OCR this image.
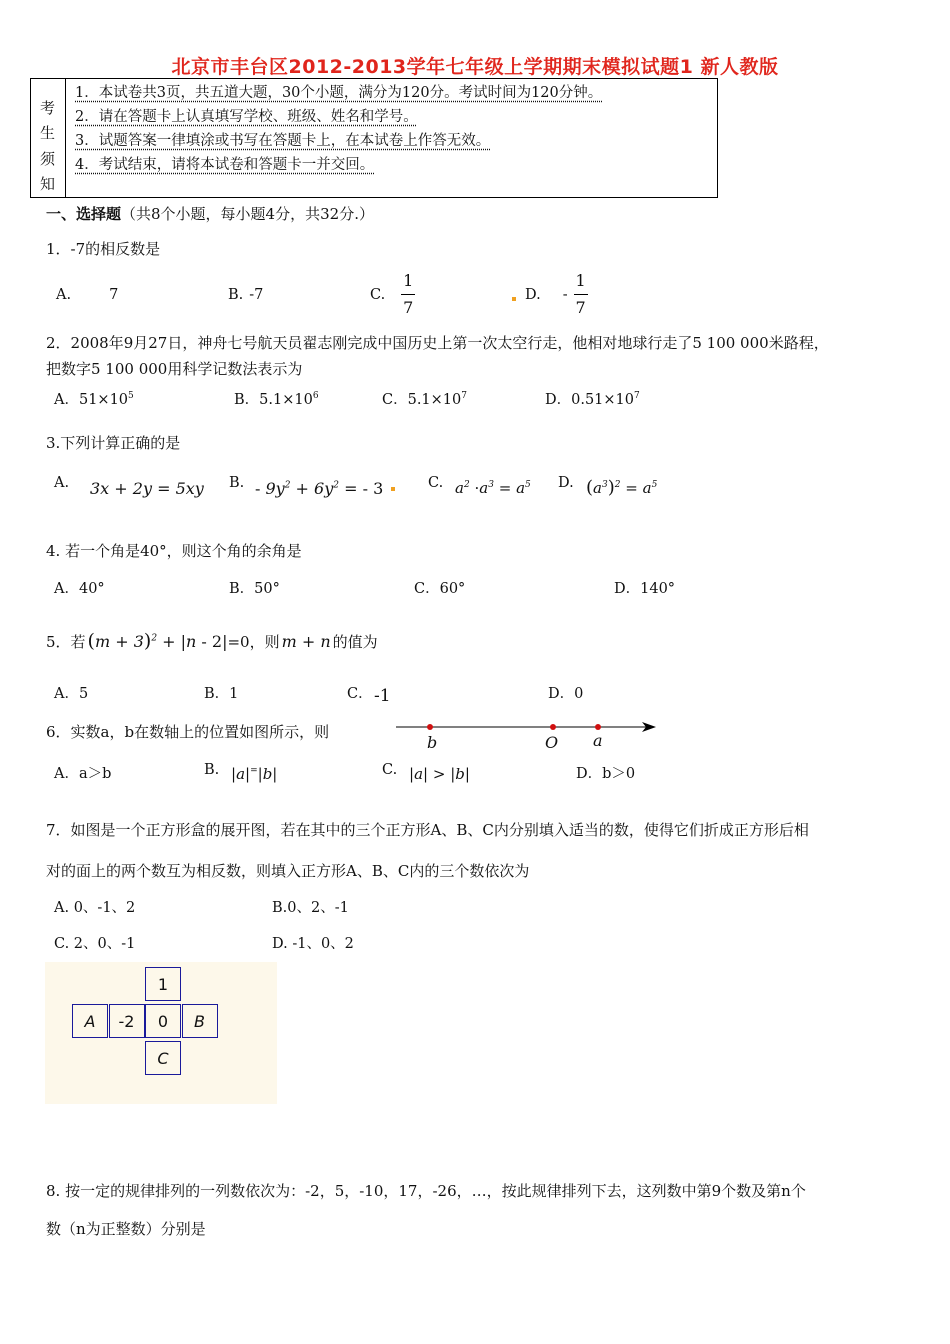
北京市丰台区2012-2013学年七年级上学期期末模拟试题1 新人教版
考
生
须
知
1．本试卷共3页，共五道大题，30个小题，满分为120分。考试时间为120分钟。
2．请在答题卡上认真填写学校、班级、姓名和学号。
3．试题答案一律填涂或书写在答题卡上，在本试卷上作答无效。
4．考试结束，请将本试卷和答题卡一并交回。
一、选择题（共8个小题，每小题4分，共32分.）
1．-7的相反数是
A.	7	B. -7	C. $\frac{1}{7}$	D. - $\frac{1}{7}$
2．2008年9月27日，神舟七号航天员翟志刚完成中国历史上第一次太空行走，他相对地球行走了5 100 000米路程，
把数字5 100 000用科学记数法表示为
A．$51\times 10^5$	B．$5.1\times 10^6$	C．$5.1\times 10^7$	D．$0.51\times 10^7$
3.下列计算正确的是
A. 3x + 2y = 5xy B. - $9y^2 + 6y^2$ = - 3	C. $a^2 \cdot a^3 = a^5$ D. $(a^3)^2 = a^5$
4. 若一个角是40°，则这个角的余角是
A．40°	B．50°	C．60°	D．140°
5．若 $(m + 3)^2 + |n - 2| =0$，则 m + n 的值为
A．5	B．1	C． -1	D．0
6．实数a，b在数轴上的位置如图所示，则
b	O a
A．a＞b	B. |a|=|b|	C. |a| > |b|	D．b＞0
7．如图是一个正方形盒的展开图，若在其中的三个正方形A、B、C内分别填入适当的数，使得它们折成正方形后相
对的面上的两个数互为相反数，则填入正方形A、B、C内的三个数依次为
A. 0、-1、2	B.0、2、-1
C. 2、0、-1	D. -1、0、2
1
A	-2	0	B
C
8. 按一定的规律排列的一列数依次为：-2，5，-10，17，-26，…，按此规律排列下去，这列数中第9个数及第n个
数（n为正整数）分别是
